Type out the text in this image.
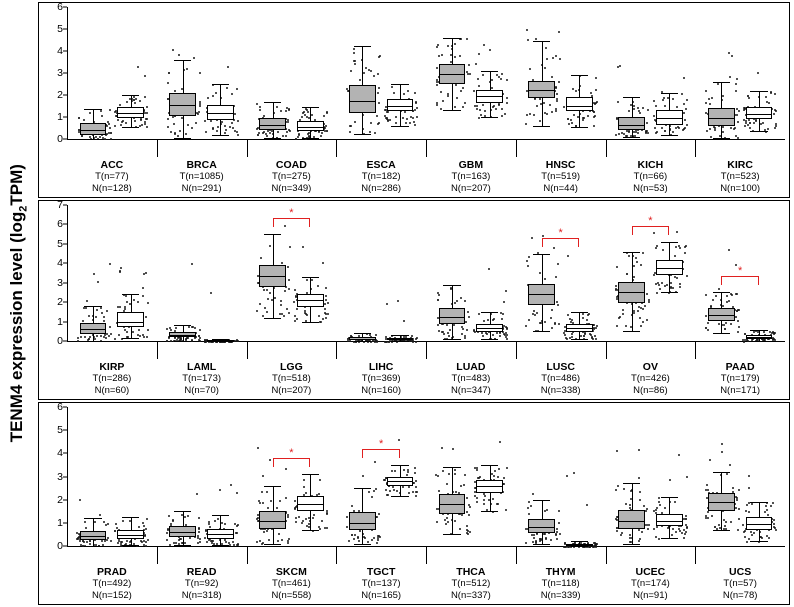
TENM4 expression level $(\log_2TPM)$
0
1
2
3
4
5
6
ACC
T(n=77)
N(n=128)
BRCA
T(n=1085)
N(n=291)
COAD
T(n=275)
N(n=349)
ESCA
T(n=182)
N(n=286)
GBM
T(n=163)
N(n=207)
HNSC
T(n=519)
N(n=44)
KICH
T(n=66)
N(n=53)
KIRC
T(n=523)
N(n=100)
0
1
2
3
4
5
6
7
KIRP
T(n=286)
N(n=60)
LAML
T(n=173)
N(n=70)
*
LGG
T(n=518)
N(n=207)
LIHC
T(n=369)
N(n=160)
LUAD
T(n=483)
N(n=347)
*
LUSC
T(n=486)
N(n=338)
*
OV
T(n=426)
N(n=86)
*
PAAD
T(n=179)
N(n=171)
0
1
2
3
4
5
6
PRAD
T(n=492)
N(n=152)
READ
T(n=92)
N(n=318)
*
SKCM
T(n=461)
N(n=558)
*
TGCT
T(n=137)
N(n=165)
THCA
T(n=512)
N(n=337)
THYM
T(n=118)
N(n=339)
UCEC
T(n=174)
N(n=91)
UCS
T(n=57)
N(n=78)
